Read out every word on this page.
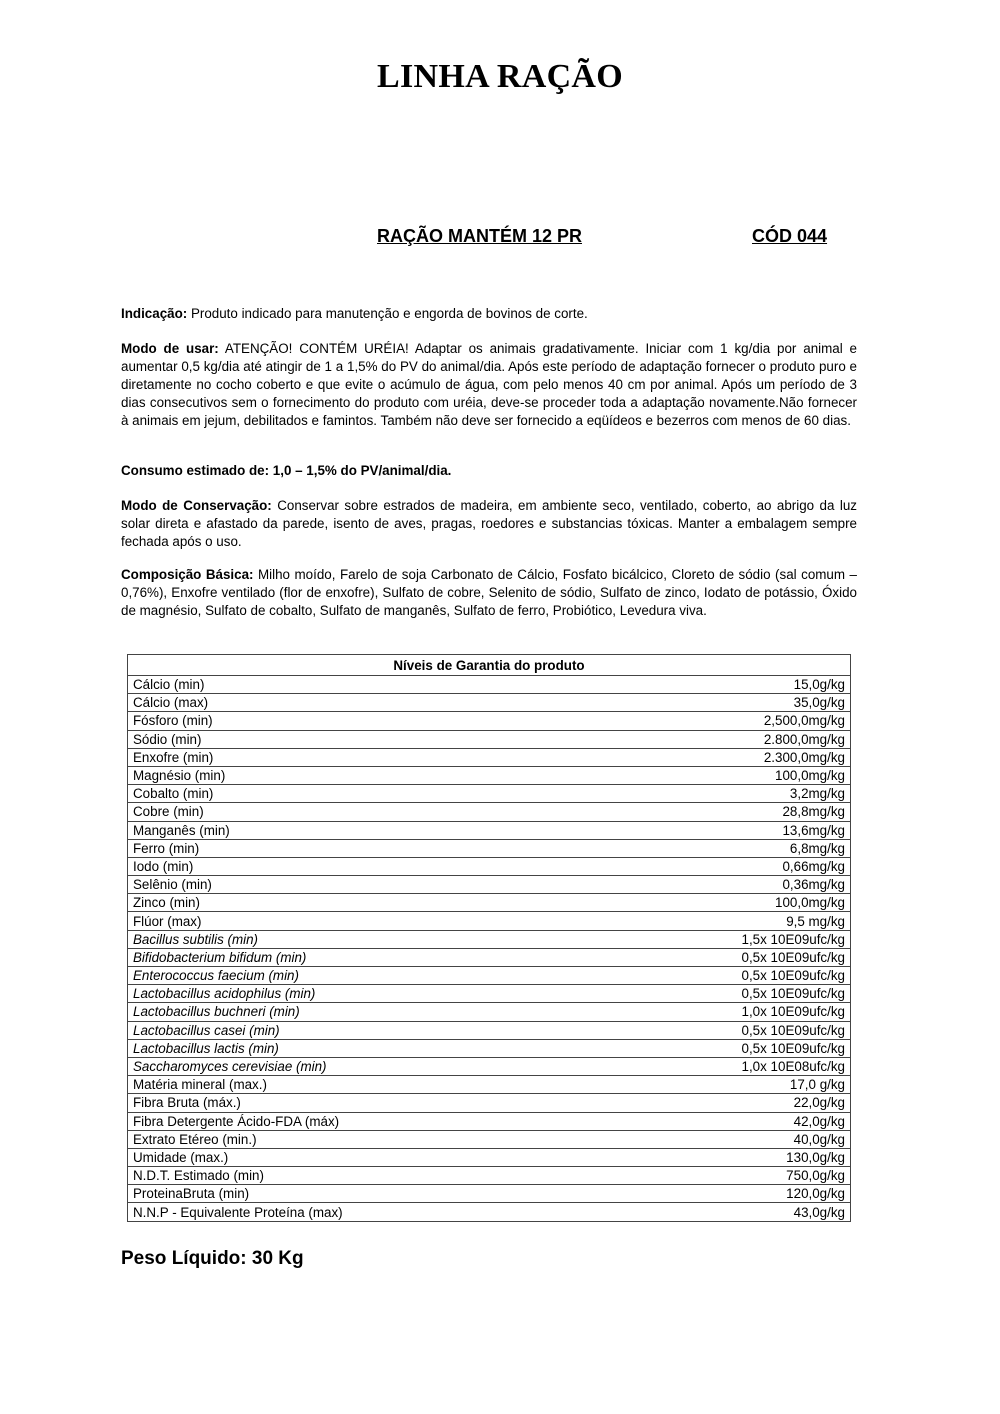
LINHA RAÇÃO
RAÇÃO MANTÉM 12 PR	CÓD 044
Indicação: Produto indicado para manutenção e engorda de bovinos de corte.
Modo de usar: ATENÇÃO! CONTÉM URÉIA! Adaptar os animais gradativamente. Iniciar com 1 kg/dia por animal e aumentar 0,5 kg/dia até atingir de 1 a 1,5% do PV do animal/dia. Após este período de adaptação fornecer o produto puro e diretamente no cocho coberto e que evite o acúmulo de água, com pelo menos 40 cm por animal. Após um período de 3 dias consecutivos sem o fornecimento do produto com uréia, deve-se proceder toda a adaptação novamente.Não fornecer à animais em jejum, debilitados e famintos. Também não deve ser fornecido a eqüídeos e bezerros com menos de 60 dias.
Consumo estimado de: 1,0 – 1,5% do PV/animal/dia.
Modo de Conservação: Conservar sobre estrados de madeira, em ambiente seco, ventilado, coberto, ao abrigo da luz solar direta e afastado da parede, isento de aves, pragas, roedores e substancias tóxicas. Manter a embalagem sempre fechada após o uso.
Composição Básica: Milho moído, Farelo de soja Carbonato de Cálcio, Fosfato bicálcico, Cloreto de sódio (sal comum – 0,76%), Enxofre ventilado (flor de enxofre), Sulfato de cobre, Selenito de sódio, Sulfato de zinco, Iodato de potássio, Óxido de magnésio, Sulfato de cobalto, Sulfato de manganês, Sulfato de ferro, Probiótico, Levedura viva.
Níveis de Garantia do produto	
Cálcio (min)	15,0g/kg
Cálcio (max)	35,0g/kg
Fósforo (min)	2,500,0mg/kg
Sódio (min)	2.800,0mg/kg
Enxofre (min)	2.300,0mg/kg
Magnésio (min)	100,0mg/kg
Cobalto (min)	3,2mg/kg
Cobre (min)	28,8mg/kg
Manganês (min)	13,6mg/kg
Ferro (min)	6,8mg/kg
Iodo (min)	0,66mg/kg
Selênio (min)	0,36mg/kg
Zinco (min)	100,0mg/kg
Flúor (max)	9,5 mg/kg
Bacillus subtilis (min)	1,5x 10E09ufc/kg
Bifidobacterium bifidum (min)	0,5x 10E09ufc/kg
Enterococcus faecium (min)	0,5x 10E09ufc/kg
Lactobacillus acidophilus (min)	0,5x 10E09ufc/kg
Lactobacillus buchneri (min)	1,0x 10E09ufc/kg
Lactobacillus casei (min)	0,5x 10E09ufc/kg
Lactobacillus lactis (min)	0,5x 10E09ufc/kg
Saccharomyces cerevisiae (min)	1,0x 10E08ufc/kg
Matéria mineral (max.)	17,0 g/kg
Fibra Bruta (máx.)	22,0g/kg
Fibra Detergente Ácido-FDA (máx)	42,0g/kg
Extrato Etéreo (min.)	40,0g/kg
Umidade (max.)	130,0g/kg
N.D.T. Estimado (min)	750,0g/kg
ProteinaBruta (min)	120,0g/kg
N.N.P - Equivalente Proteína (max)	43,0g/kg
Peso Líquido: 30 Kg
